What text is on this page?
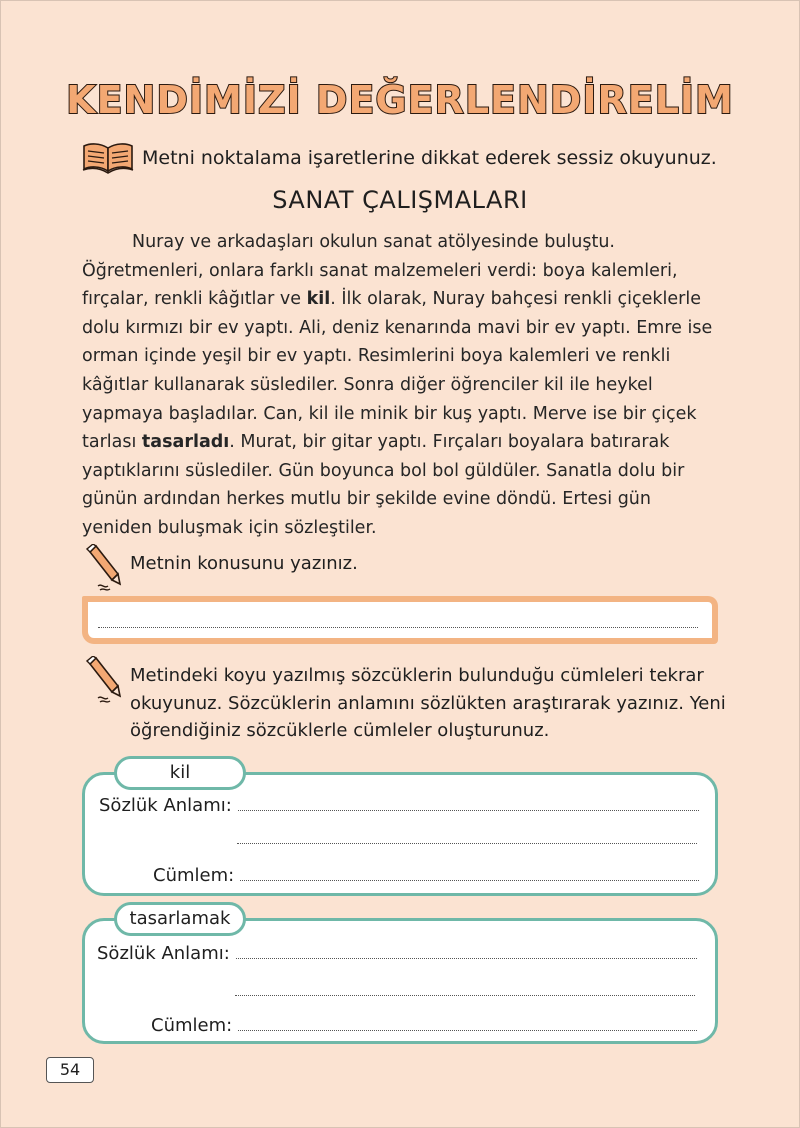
KENDİMİZİ DEĞERLENDİRELİM
Metni noktalama işaretlerine dikkat ederek sessiz okuyunuz.
SANAT ÇALIŞMALARI

Nuray ve arkadaşları okulun sanat atölyesinde buluştu. Öğretmenleri, onlara farklı sanat malzemeleri verdi: boya kalemleri, fırçalar, renkli kâğıtlar ve kil. İlk olarak, Nuray bahçesi renkli çiçeklerle dolu kırmızı bir ev yaptı. Ali, deniz kenarında mavi bir ev yaptı. Emre ise orman içinde yeşil bir ev yaptı. Resimlerini boya kalemleri ve renkli kâğıtlar kullanarak süslediler. Sonra diğer öğrenciler kil ile heykel yapmaya başladılar. Can, kil ile minik bir kuş yaptı. Merve ise bir çiçek tarlası tasarladı. Murat, bir gitar yaptı. Fırçaları boyalara batırarak yaptıklarını süslediler. Gün boyunca bol bol güldüler. Sanatla dolu bir günün ardından herkes mutlu bir şekilde evine döndü. Ertesi gün yeniden buluşmak için sözleştiler.

Metnin konusunu yazınız.
Metindeki koyu yazılmış sözcüklerin bulunduğu cümleleri tekrar okuyunuz. Sözcüklerin anlamını sözlükten araştırarak yazınız. Yeni öğrendiğiniz sözcüklerle cümleler oluşturunuz.
Sözlük Anlamı:
Cümlem:
kil
Sözlük Anlamı:
Cümlem:
tasarlamak
54
